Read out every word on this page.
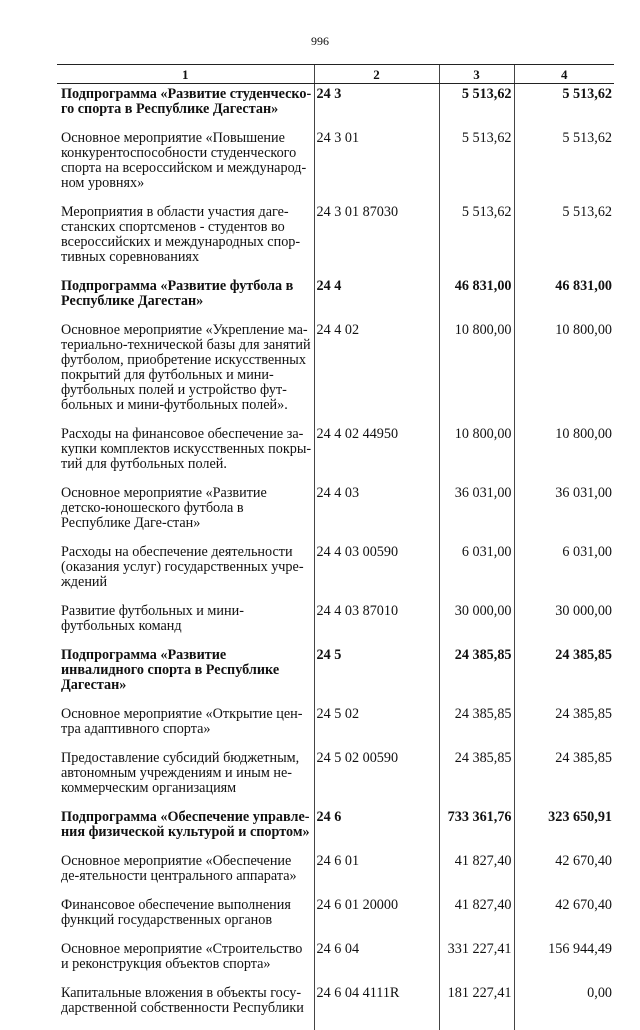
996
1	2	3	4
Подпрограмма «Развитие студенческо-го спорта в Республике Дагестан»	24 3	5 513,62	5 513,62
Основное мероприятие «Повышение конкурентоспособности студенческого спорта на всероссийском и международ-ном уровнях»	24 3 01	5 513,62	5 513,62
Мероприятия в области участия даге-станских спортсменов - студентов во всероссийских и международных спор-тивных соревнованиях	24 3 01 87030	5 513,62	5 513,62
Подпрограмма «Развитие футбола в Республике Дагестан»	24 4	46 831,00	46 831,00
Основное мероприятие «Укрепление ма-териально-технической базы для занятий футболом, приобретение искусственных покрытий для футбольных и мини-футбольных полей и устройство фут-больных и мини-футбольных полей».	24 4 02	10 800,00	10 800,00
Расходы на финансовое обеспечение за-купки комплектов искусственных покры-тий для футбольных полей.	24 4 02 44950	10 800,00	10 800,00
Основное мероприятие «Развитие детско-юношеского футбола в Республике Даге-стан»	24 4 03	36 031,00	36 031,00
Расходы на обеспечение деятельности (оказания услуг) государственных учре-ждений	24 4 03 00590	6 031,00	6 031,00
Развитие футбольных и мини-футбольных команд	24 4 03 87010	30 000,00	30 000,00
Подпрограмма «Развитие инвалидного спорта в Республике Дагестан»	24 5	24 385,85	24 385,85
Основное мероприятие «Открытие цен-тра адаптивного спорта»	24 5 02	24 385,85	24 385,85
Предоставление субсидий бюджетным, автономным учреждениям и иным не-коммерческим организациям	24 5 02 00590	24 385,85	24 385,85
Подпрограмма «Обеспечение управле-ния физической культурой и спортом»	24 6	733 361,76	323 650,91
Основное мероприятие «Обеспечение де-ятельности центрального аппарата»	24 6 01	41 827,40	42 670,40
Финансовое обеспечение выполнения функций государственных органов	24 6 01 20000	41 827,40	42 670,40
Основное мероприятие «Строительство и реконструкция объектов спорта»	24 6 04	331 227,41	156 944,49
Капитальные вложения в объекты госу-дарственной собственности Республики	24 6 04 4111R	181 227,41	0,00
